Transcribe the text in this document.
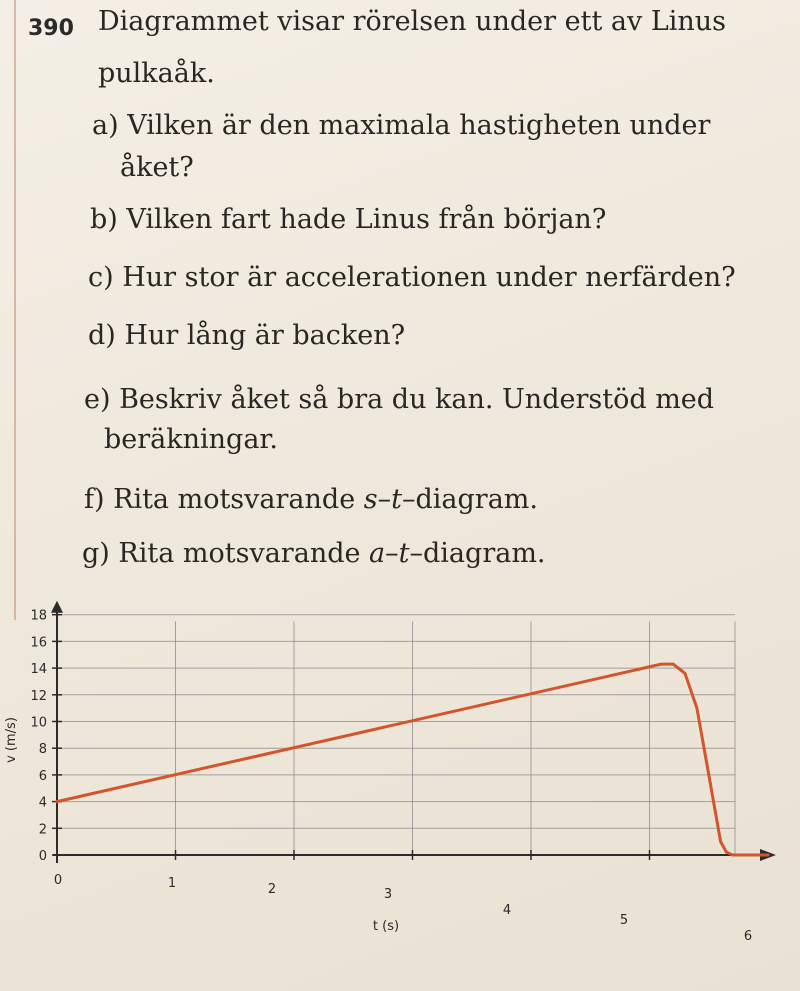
390 Diagrammet visar rörelsen under ett av Linus
pulkaåk.
a) Vilken är den maximala hastigheten under
åket?
b) Vilken fart hade Linus från början?
c) Hur stor är accelerationen under nerfärden?
d) Hur lång är backen?
e) Beskriv åket så bra du kan. Understöd med
beräkningar.
f) Rita motsvarande s–t–diagram.
g) Rita motsvarande a–t–diagram.
0
2
4
6
8
10
12
14
16
18
0	1	2	3
4
5
6
v (m/s)
t (s)
